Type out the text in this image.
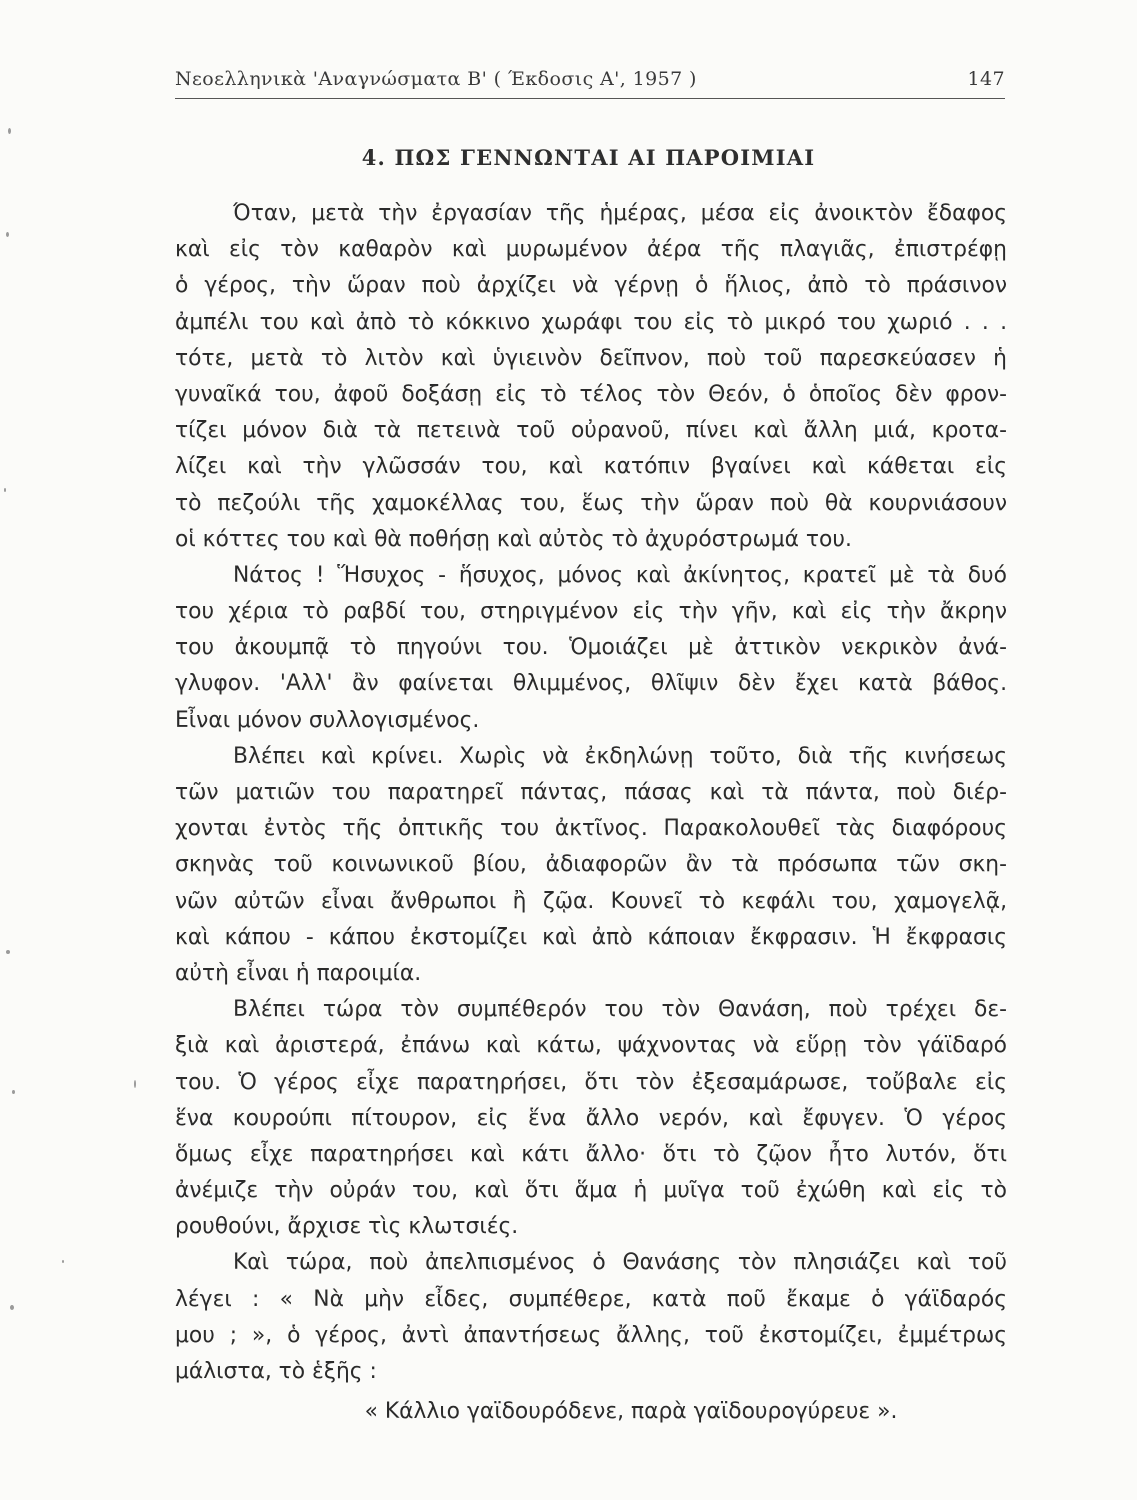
Νεοελληνικὰ 'Αναγνώσματα Β' ( Έκδοσις Α', 1957 )	147
4. ΠΩΣ ΓΕΝΝΩΝΤΑΙ ΑΙ ΠΑΡΟΙΜΙΑΙ
Όταν, μετὰ τὴν ἐργασίαν τῆς ἡμέρας, μέσα εἰς ἀνοικτὸν ἔδαφος
καὶ εἰς τὸν καθαρὸν καὶ μυρωμένον ἀέρα τῆς πλαγιᾶς, ἐπιστρέφῃ
ὁ γέρος, τὴν ὥραν ποὺ ἀρχίζει νὰ γέρνῃ ὁ ἥλιος, ἀπὸ τὸ πράσινον
ἀμπέλι του καὶ ἀπὸ τὸ κόκκινο χωράφι του εἰς τὸ μικρό του χωριό . . .
τότε, μετὰ τὸ λιτὸν καὶ ὑγιεινὸν δεῖπνον, ποὺ τοῦ παρεσκεύασεν ἡ
γυναῖκά του, ἀφοῦ δοξάσῃ εἰς τὸ τέλος τὸν Θεόν, ὁ ὁποῖος δὲν φρον-
τίζει μόνον διὰ τὰ πετεινὰ τοῦ οὐρανοῦ, πίνει καὶ ἄλλη μιά, κροτα-
λίζει καὶ τὴν γλῶσσάν του, καὶ κατόπιν βγαίνει καὶ κάθεται εἰς
τὸ πεζούλι τῆς χαμοκέλλας του, ἕως τὴν ὥραν ποὺ θὰ κουρνιάσουν
οἱ κόττες του καὶ θὰ ποθήσῃ καὶ αὐτὸς τὸ ἀχυρόστρωμά του.
Νάτος ! Ἥσυχος - ἥσυχος, μόνος καὶ ἀκίνητος, κρατεῖ μὲ τὰ δυό
του χέρια τὸ ραβδί του, στηριγμένον εἰς τὴν γῆν, καὶ εἰς τὴν ἄκρην
του ἀκουμπᾷ τὸ πηγούνι του. Ὁμοιάζει μὲ ἀττικὸν νεκρικὸν ἀνά-
γλυφον. 'Αλλ' ἂν φαίνεται θλιμμένος, θλῖψιν δὲν ἔχει κατὰ βάθος.
Εἶναι μόνον συλλογισμένος.
Βλέπει καὶ κρίνει. Χωρὶς νὰ ἐκδηλώνῃ τοῦτο, διὰ τῆς κινήσεως
τῶν ματιῶν του παρατηρεῖ πάντας, πάσας καὶ τὰ πάντα, ποὺ διέρ-
χονται ἐντὸς τῆς ὀπτικῆς του ἀκτῖνος. Παρακολουθεῖ τὰς διαφόρους
σκηνὰς τοῦ κοινωνικοῦ βίου, ἀδιαφορῶν ἂν τὰ πρόσωπα τῶν σκη-
νῶν αὐτῶν εἶναι ἄνθρωποι ἢ ζῷα. Κουνεῖ τὸ κεφάλι του, χαμογελᾷ,
καὶ κάπου - κάπου ἐκστομίζει καὶ ἀπὸ κάποιαν ἔκφρασιν. Ἡ ἔκφρασις
αὐτὴ εἶναι ἡ παροιμία.
Βλέπει τώρα τὸν συμπέθερόν του τὸν Θανάση, ποὺ τρέχει δε-
ξιὰ καὶ ἀριστερά, ἐπάνω καὶ κάτω, ψάχνοντας νὰ εὕρῃ τὸν γάϊδαρό
του. Ὁ γέρος εἶχε παρατηρήσει, ὅτι τὸν ἐξεσαμάρωσε, τοὔβαλε εἰς
ἕνα κουρούπι πίτουρον, εἰς ἕνα ἄλλο νερόν, καὶ ἔφυγεν. Ὁ γέρος
ὅμως εἶχε παρατηρήσει καὶ κάτι ἄλλο· ὅτι τὸ ζῷον ἦτο λυτόν, ὅτι
ἀνέμιζε τὴν οὐράν του, καὶ ὅτι ἅμα ἡ μυῖγα τοῦ ἐχώθη καὶ εἰς τὸ
ρουθούνι, ἄρχισε τὶς κλωτσιές.
Καὶ τώρα, ποὺ ἀπελπισμένος ὁ Θανάσης τὸν πλησιάζει καὶ τοῦ
λέγει : « Νὰ μὴν εἶδες, συμπέθερε, κατὰ ποῦ ἔκαμε ὁ γάϊδαρός
μου ; », ὁ γέρος, ἀντὶ ἀπαντήσεως ἄλλης, τοῦ ἐκστομίζει, ἐμμέτρως
μάλιστα, τὸ ἑξῆς :
« Κάλλιο γαϊδουρόδενε, παρὰ γαϊδουρογύρευε ».
